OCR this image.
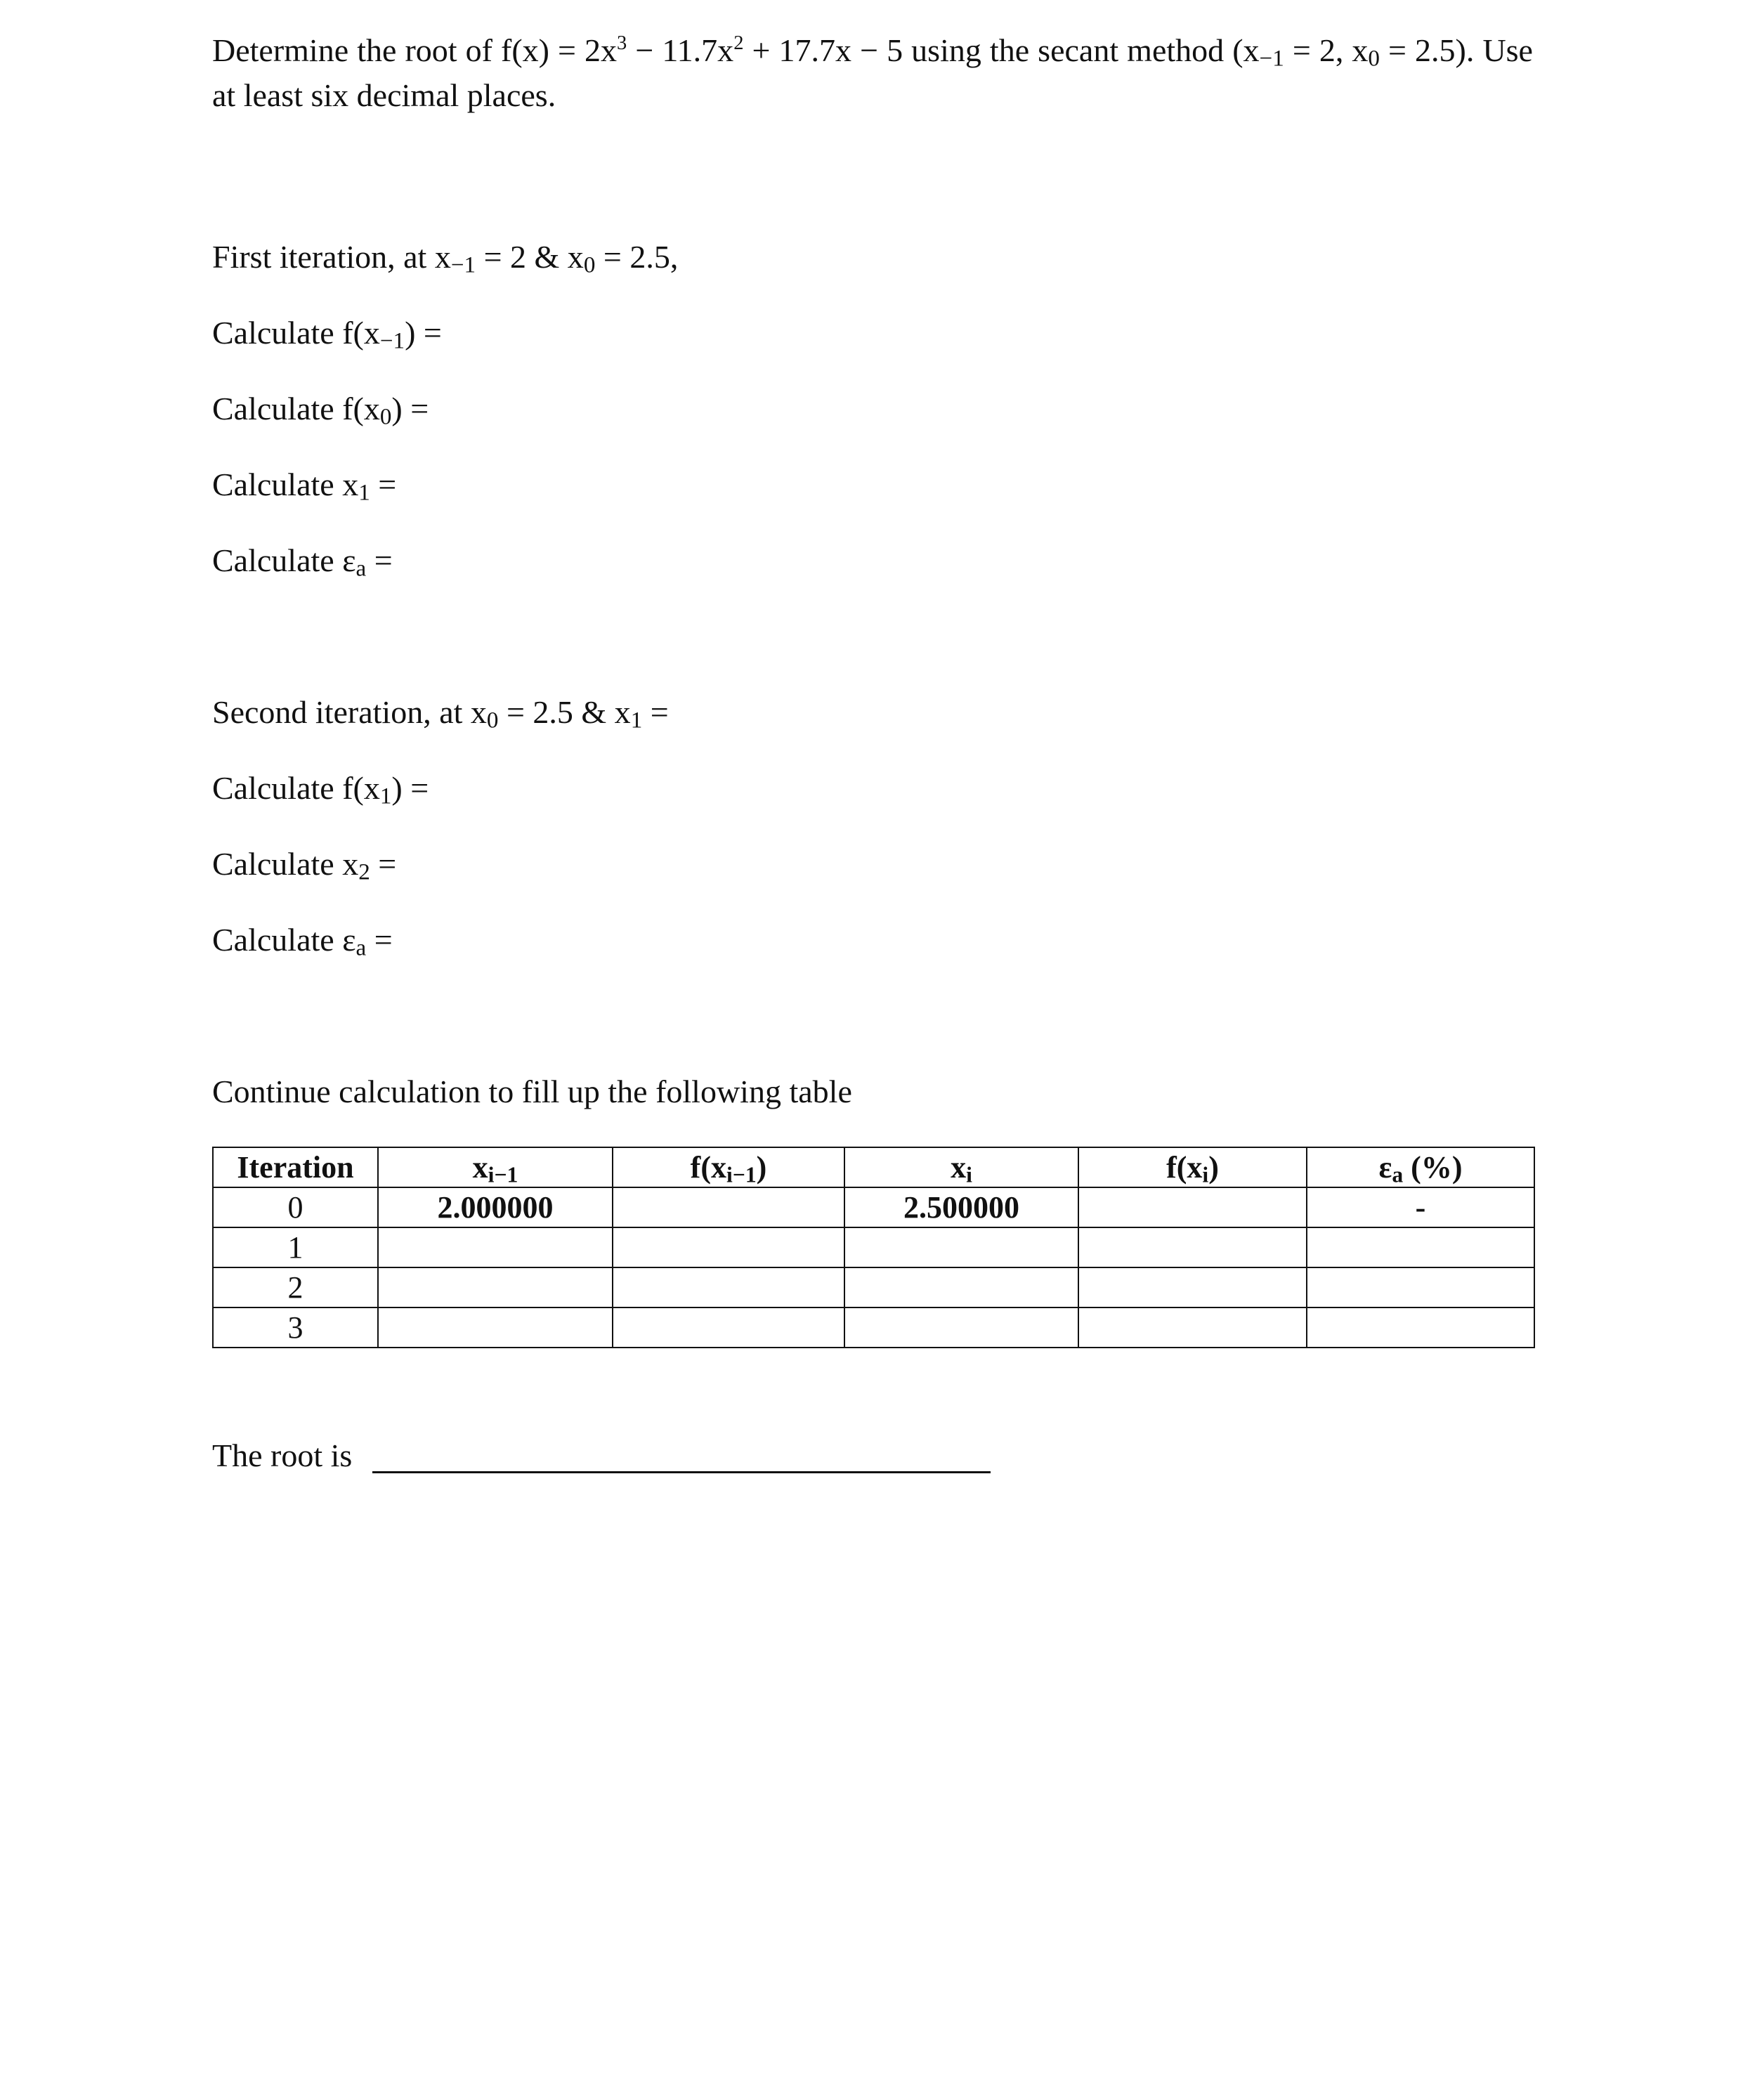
Determine the root of $f(x) = 2x^3 - 11.7x^2 + 17.7x - 5$ using the secant method ($x_{-1} = 2$, $x_0 = 2.5$). Use at least six decimal places.
First iteration, at $x_{-1} = 2$ & $x_0 = 2.5$,
Calculate $f(x_{-1})$ =
Calculate $f(x_0)$ =
Calculate $x_1$ =
Calculate $\varepsilon_a$ =
Second iteration, at $x_0 = 2.5$ & $x_1$ =
Calculate $f(x_1)$ =
Calculate $x_2$ =
Calculate $\varepsilon_a$ =
Continue calculation to fill up the following table
Iteration	$x_{i-1}$	$f(x_{i-1})$	$x_i$	$f(x_i)$	$\varepsilon_a$ (%)
0	2.000000		2.500000		-
1					
2					
3					
The root is
